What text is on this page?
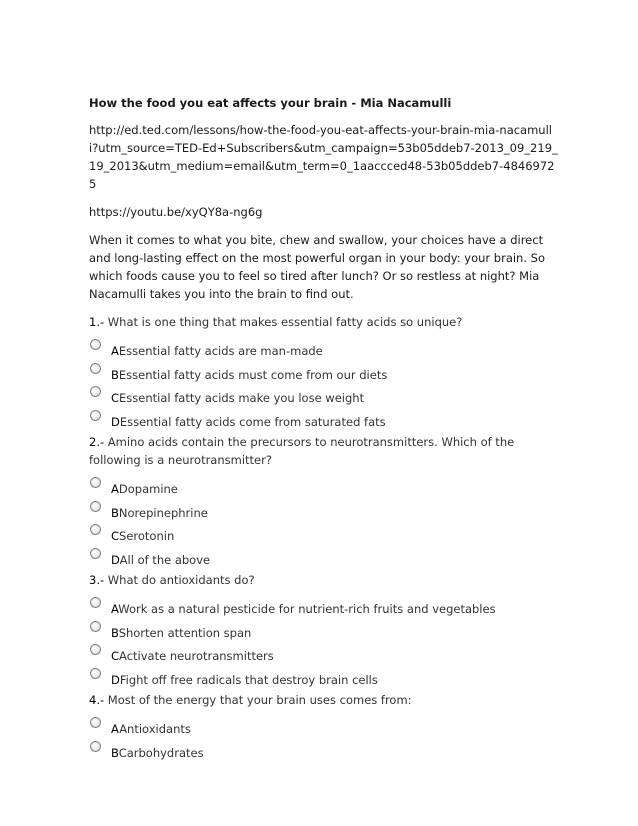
How the food you eat affects your brain - Mia Nacamulli
http://ed.ted.com/lessons/how-the-food-you-eat-affects-your-brain-mia-nacamulli?utm_source=TED-Ed+Subscribers&utm_campaign=53b05ddeb7-2013_09_219_19_2013&utm_medium=email&utm_term=0_1aaccced48-53b05ddeb7-48469725
https://youtu.be/xyQY8a-ng6g
When it comes to what you bite, chew and swallow, your choices have a direct and long-lasting effect on the most powerful organ in your body: your brain. So which foods cause you to feel so tired after lunch? Or so restless at night? Mia Nacamulli takes you into the brain to find out.

1.- What is one thing that makes essential fatty acids so unique?

AEssential fatty acids are man-made
BEssential fatty acids must come from our diets
CEssential fatty acids make you lose weight
DEssential fatty acids come from saturated fats

2.- Amino acids contain the precursors to neurotransmitters. Which of the following is a neurotransmitter?

ADopamine
BNorepinephrine
CSerotonin
DAll of the above

3.- What do antioxidants do?

AWork as a natural pesticide for nutrient-rich fruits and vegetables
BShorten attention span
CActivate neurotransmitters
DFight off free radicals that destroy brain cells

4.- Most of the energy that your brain uses comes from:

AAntioxidants
BCarbohydrates
